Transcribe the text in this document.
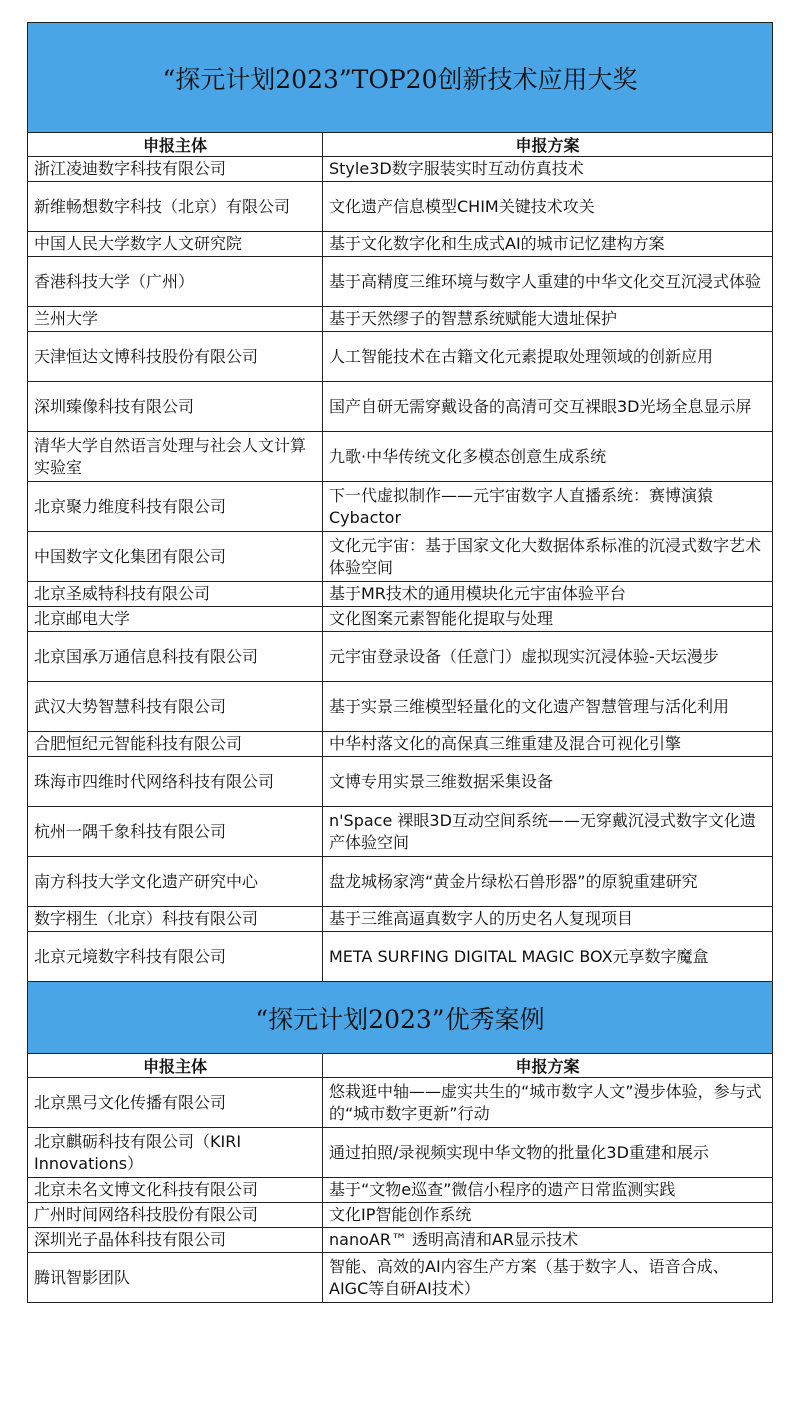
“探元计划2023”TOP20创新技术应用大奖	
申报主体	申报方案
浙江凌迪数字科技有限公司	Style3D数字服装实时互动仿真技术
新维畅想数字科技（北京）有限公司	文化遗产信息模型CHIM关键技术攻关
中国人民大学数字人文研究院	基于文化数字化和生成式AI的城市记忆建构方案
香港科技大学（广州）	基于高精度三维环境与数字人重建的中华文化交互沉浸式体验
兰州大学	基于天然缪子的智慧系统赋能大遗址保护
天津恒达文博科技股份有限公司	人工智能技术在古籍文化元素提取处理领域的创新应用
深圳臻像科技有限公司	国产自研无需穿戴设备的高清可交互裸眼3D光场全息显示屏
清华大学自然语言处理与社会人文计算实验室	九歌·中华传统文化多模态创意生成系统
北京聚力维度科技有限公司	下一代虚拟制作——元宇宙数字人直播系统：赛博演猿Cybactor
中国数字文化集团有限公司	文化元宇宙：基于国家文化大数据体系标准的沉浸式数字艺术体验空间
北京圣威特科技有限公司	基于MR技术的通用模块化元宇宙体验平台
北京邮电大学	文化图案元素智能化提取与处理
北京国承万通信息科技有限公司	元宇宙登录设备（任意门）虚拟现实沉浸体验-天坛漫步
武汉大势智慧科技有限公司	基于实景三维模型轻量化的文化遗产智慧管理与活化利用
合肥恒纪元智能科技有限公司	中华村落文化的高保真三维重建及混合可视化引擎
珠海市四维时代网络科技有限公司	文博专用实景三维数据采集设备
杭州一隅千象科技有限公司	n'Space 裸眼3D互动空间系统——无穿戴沉浸式数字文化遗产体验空间
南方科技大学文化遗产研究中心	盘龙城杨家湾“黄金片绿松石兽形器”的原貌重建研究
数字栩生（北京）科技有限公司	基于三维高逼真数字人的历史名人复现项目
北京元境数字科技有限公司	META SURFING DIGITAL MAGIC BOX元享数字魔盒
“探元计划2023”优秀案例	
申报主体	申报方案
北京黑弓文化传播有限公司	悠栽逛中轴——虚实共生的“城市数字人文”漫步体验，参与式的“城市数字更新”行动
北京麒砺科技有限公司（KIRI Innovations）	通过拍照/录视频实现中华文物的批量化3D重建和展示
北京未名文博文化科技有限公司	基于“文物e巡查”微信小程序的遗产日常监测实践
广州时间网络科技股份有限公司	文化IP智能创作系统
深圳光子晶体科技有限公司	nanoAR™ 透明高清和AR显示技术
腾讯智影团队	智能、高效的AI内容生产方案（基于数字人、语音合成、AIGC等自研AI技术）
